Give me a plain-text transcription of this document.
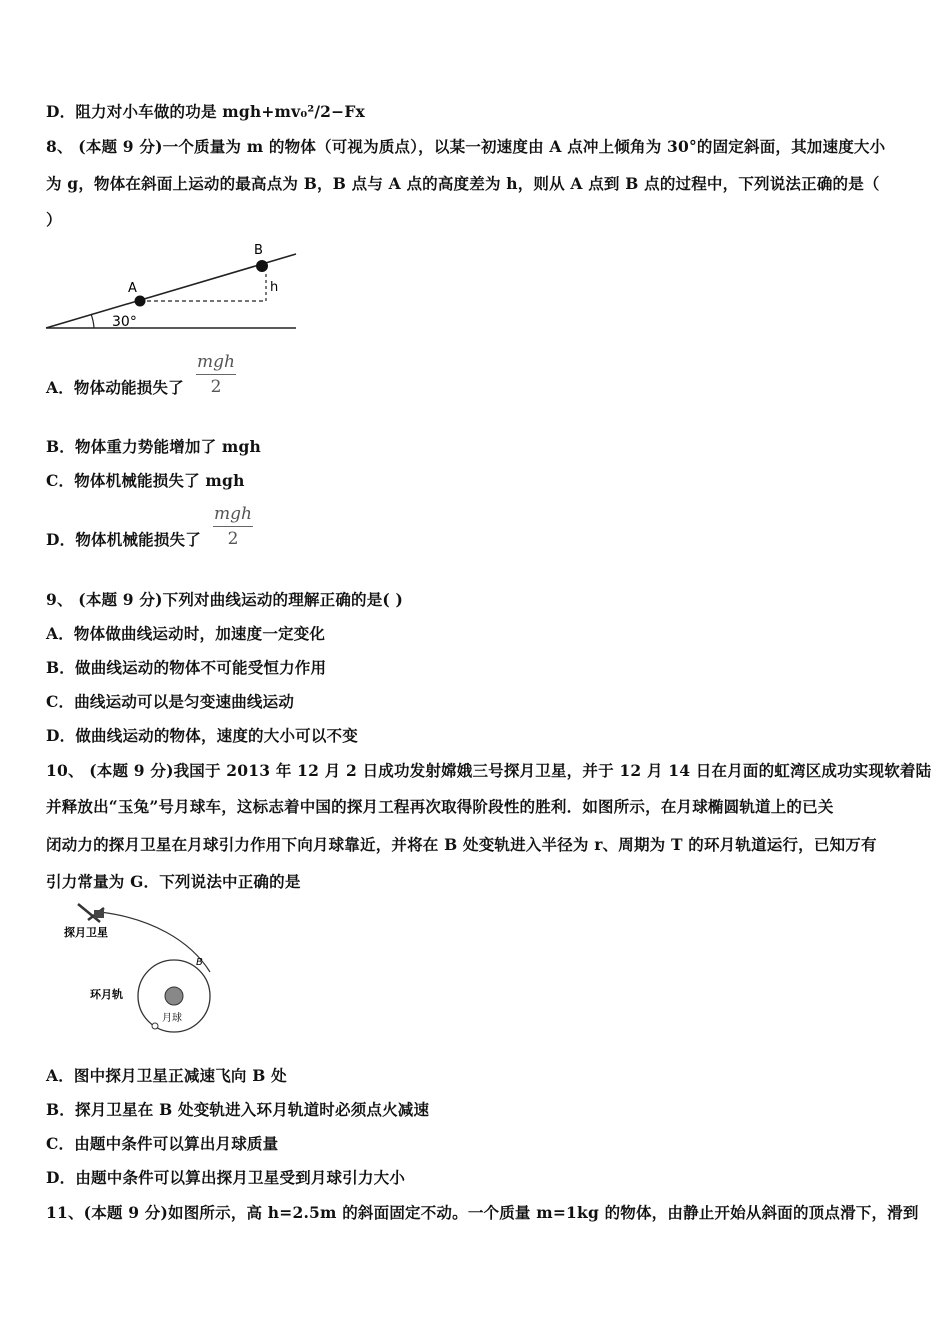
D．阻力对小车做的功是 mgh+mv₀²/2−Fx
8、 (本题 9 分)一个质量为 m 的物体（可视为质点），以某一初速度由 A 点冲上倾角为 30°的固定斜面，其加速度大小
为 g，物体在斜面上运动的最高点为 B，B 点与 A 点的高度差为 h，则从 A 点到 B 点的过程中，下列说法正确的是（
）
A
B
h
30°
A．物体动能损失了
mgh
2
B．物体重力势能增加了 mgh
C．物体机械能损失了 mgh
D．物体机械能损失了
mgh
2
9、 (本题 9 分)下列对曲线运动的理解正确的是( )
A．物体做曲线运动时，加速度一定变化
B．做曲线运动的物体不可能受恒力作用
C．曲线运动可以是匀变速曲线运动
D．做曲线运动的物体，速度的大小可以不变
10、 (本题 9 分)我国于 2013 年 12 月 2 日成功发射嫦娥三号探月卫星，并于 12 月 14 日在月面的虹湾区成功实现软着陆
并释放出“玉兔”号月球车，这标志着中国的探月工程再次取得阶段性的胜利．如图所示，在月球椭圆轨道上的已关
闭动力的探月卫星在月球引力作用下向月球靠近，并将在 B 处变轨进入半径为 r、周期为 T 的环月轨道运行，已知万有
引力常量为 G．下列说法中正确的是
探月卫星
B
环月轨
月球
A．图中探月卫星正减速飞向 B 处
B．探月卫星在 B 处变轨进入环月轨道时必须点火减速
C．由题中条件可以算出月球质量
D．由题中条件可以算出探月卫星受到月球引力大小
11、(本题 9 分)如图所示，高 h=2.5m 的斜面固定不动。一个质量 m=1kg 的物体，由静止开始从斜面的顶点滑下，滑到
